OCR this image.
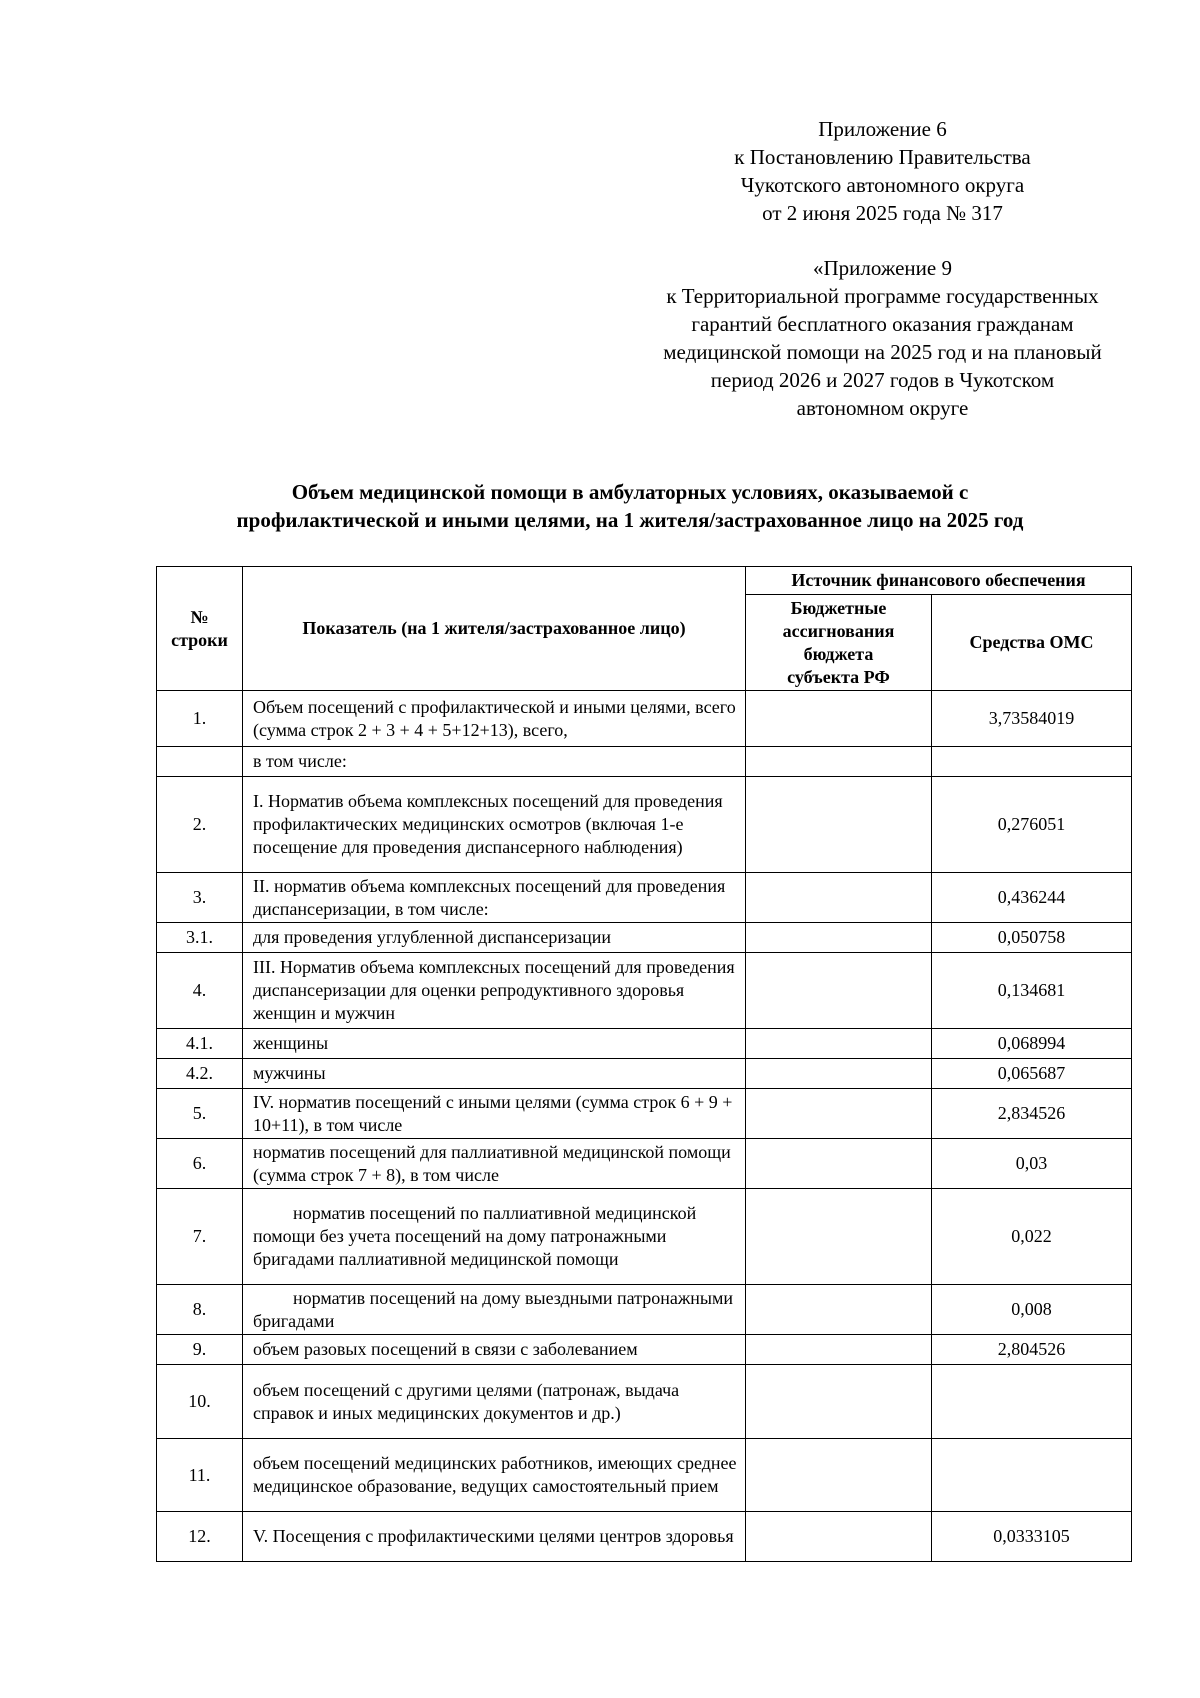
Приложение 6
к Постановлению Правительства
Чукотского автономного округа
от 2 июня 2025 года № 317
«Приложение 9
к Территориальной программе государственных
гарантий бесплатного оказания гражданам
медицинской помощи на 2025 год и на плановый
период 2026 и 2027 годов в Чукотском
автономном округе
Объем медицинской помощи в амбулаторных условиях, оказываемой с
профилактической и иными целями, на 1 жителя/застрахованное лицо на 2025 год
№ строки	Показатель (на 1 жителя/застрахованное лицо)	Источник финансового обеспечения	
		Бюджетные ассигнования бюджета субъекта РФ	Средства ОМС
1.	Объем посещений с профилактической и иными целями, всего (сумма строк 2 + 3 + 4 + 5+12+13), всего,		3,73584019
	в том числе:		
2.	I. Норматив объема комплексных посещений для проведения профилактических медицинских осмотров (включая 1-е посещение для проведения диспансерного наблюдения)		0,276051
3.	II. норматив объема комплексных посещений для проведения диспансеризации, в том числе:		0,436244
3.1.	для проведения углубленной диспансеризации		0,050758
4.	III. Норматив объема комплексных посещений для проведения диспансеризации для оценки репродуктивного здоровья женщин и мужчин		0,134681
4.1.	женщины		0,068994
4.2.	мужчины		0,065687
5.	IV. норматив посещений с иными целями (сумма строк 6 + 9 + 10+11), в том числе		2,834526
6.	норматив посещений для паллиативной медицинской помощи (сумма строк 7 + 8), в том числе		0,03
7.	норматив посещений по паллиативной медицинской помощи без учета посещений на дому патронажными бригадами паллиативной медицинской помощи		0,022
8.	норматив посещений на дому выездными патронажными бригадами		0,008
9.	объем разовых посещений в связи с заболеванием		2,804526
10.	объем посещений с другими целями (патронаж, выдача справок и иных медицинских документов и др.)		
11.	объем посещений медицинских работников, имеющих среднее медицинское образование, ведущих самостоятельный прием		
12.	V. Посещения с профилактическими целями центров здоровья		0,0333105
